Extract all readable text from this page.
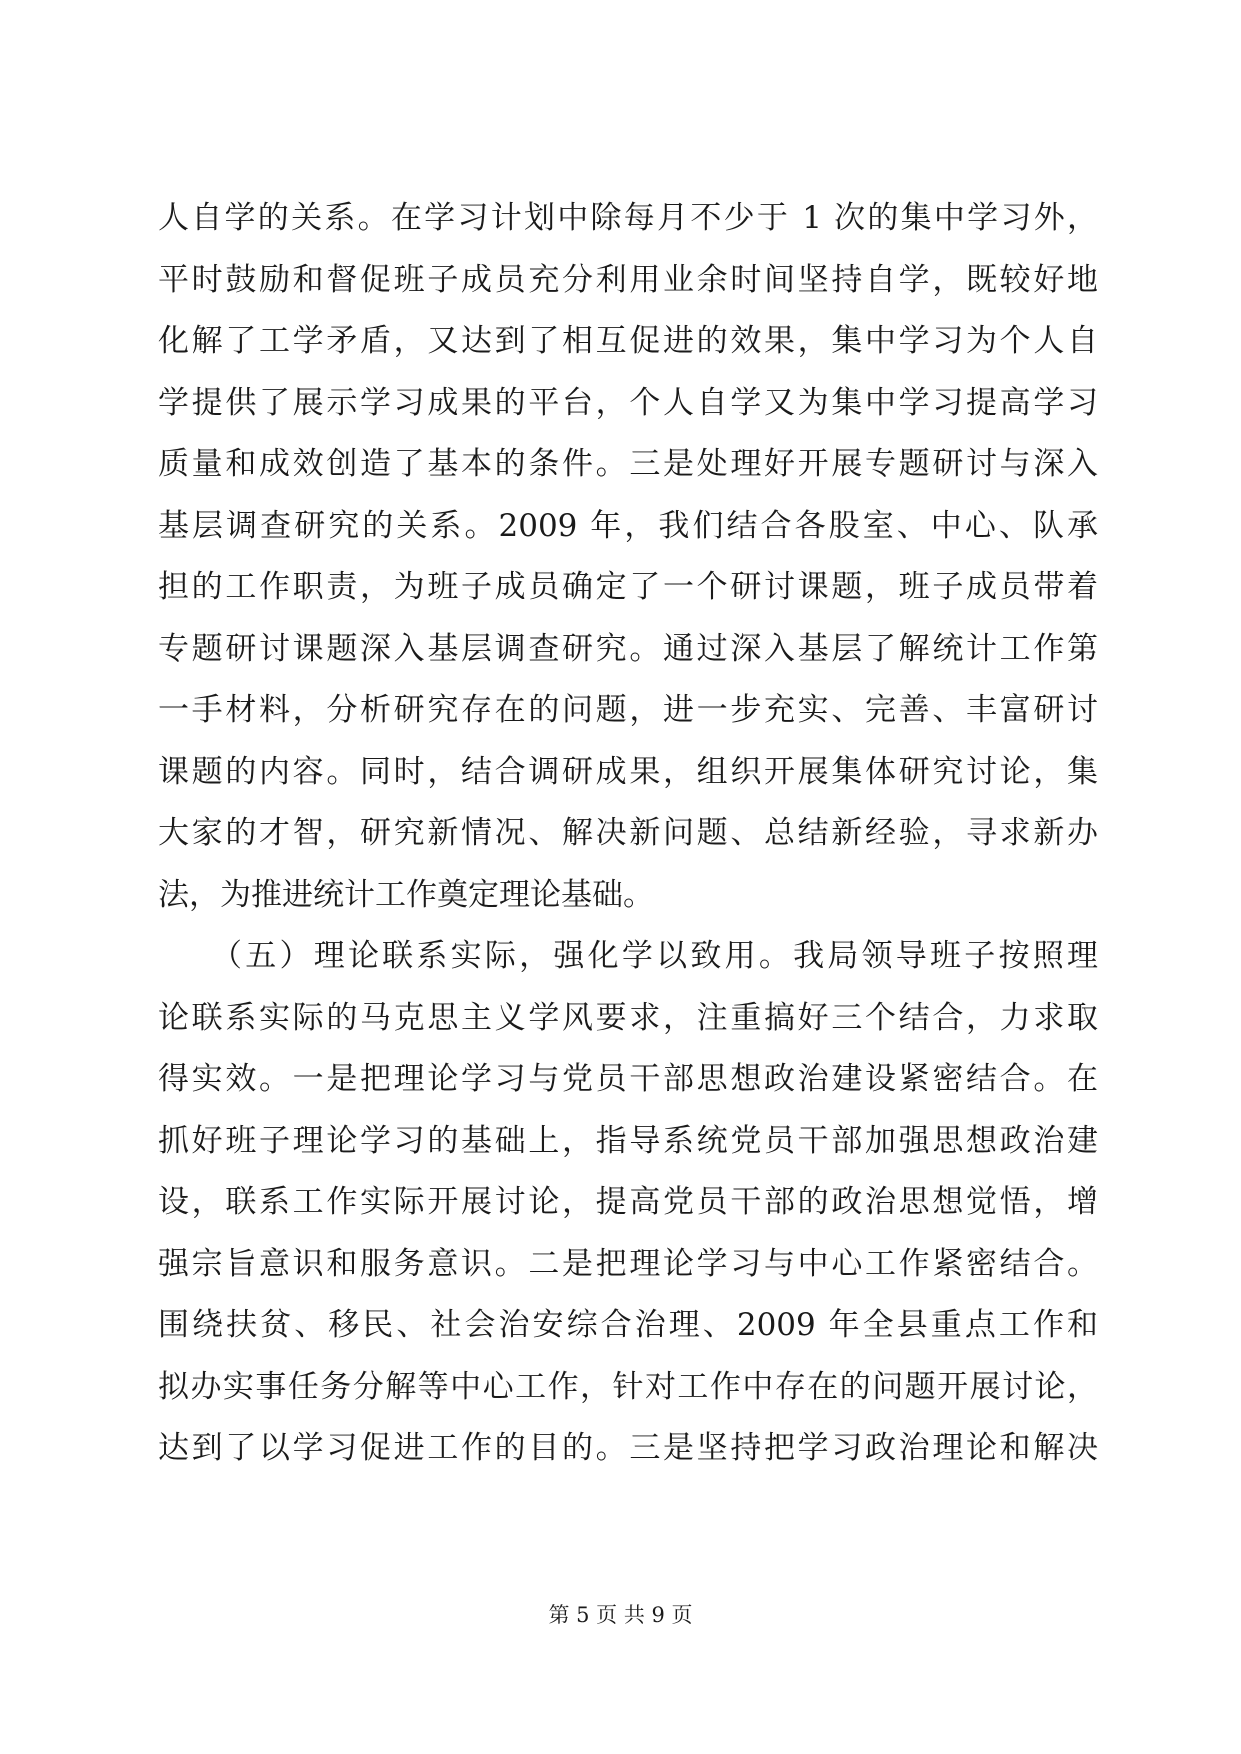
人自学的关系。在学习计划中除每月不少于 1 次的集中学习外，
平时鼓励和督促班子成员充分利用业余时间坚持自学，既较好地
化解了工学矛盾，又达到了相互促进的效果，集中学习为个人自
学提供了展示学习成果的平台，个人自学又为集中学习提高学习
质量和成效创造了基本的条件。三是处理好开展专题研讨与深入
基层调查研究的关系。2009 年，我们结合各股室、中心、队承
担的工作职责，为班子成员确定了一个研讨课题，班子成员带着
专题研讨课题深入基层调查研究。通过深入基层了解统计工作第
一手材料，分析研究存在的问题，进一步充实、完善、丰富研讨
课题的内容。同时，结合调研成果，组织开展集体研究讨论，集
大家的才智，研究新情况、解决新问题、总结新经验，寻求新办
法，为推进统计工作奠定理论基础。
　　（五）理论联系实际，强化学以致用。我局领导班子按照理
论联系实际的马克思主义学风要求，注重搞好三个结合，力求取
得实效。一是把理论学习与党员干部思想政治建设紧密结合。在
抓好班子理论学习的基础上，指导系统党员干部加强思想政治建
设，联系工作实际开展讨论，提高党员干部的政治思想觉悟，增
强宗旨意识和服务意识。二是把理论学习与中心工作紧密结合。
围绕扶贫、移民、社会治安综合治理、2009 年全县重点工作和
拟办实事任务分解等中心工作，针对工作中存在的问题开展讨论，
达到了以学习促进工作的目的。三是坚持把学习政治理论和解决
第 5 页 共 9 页
